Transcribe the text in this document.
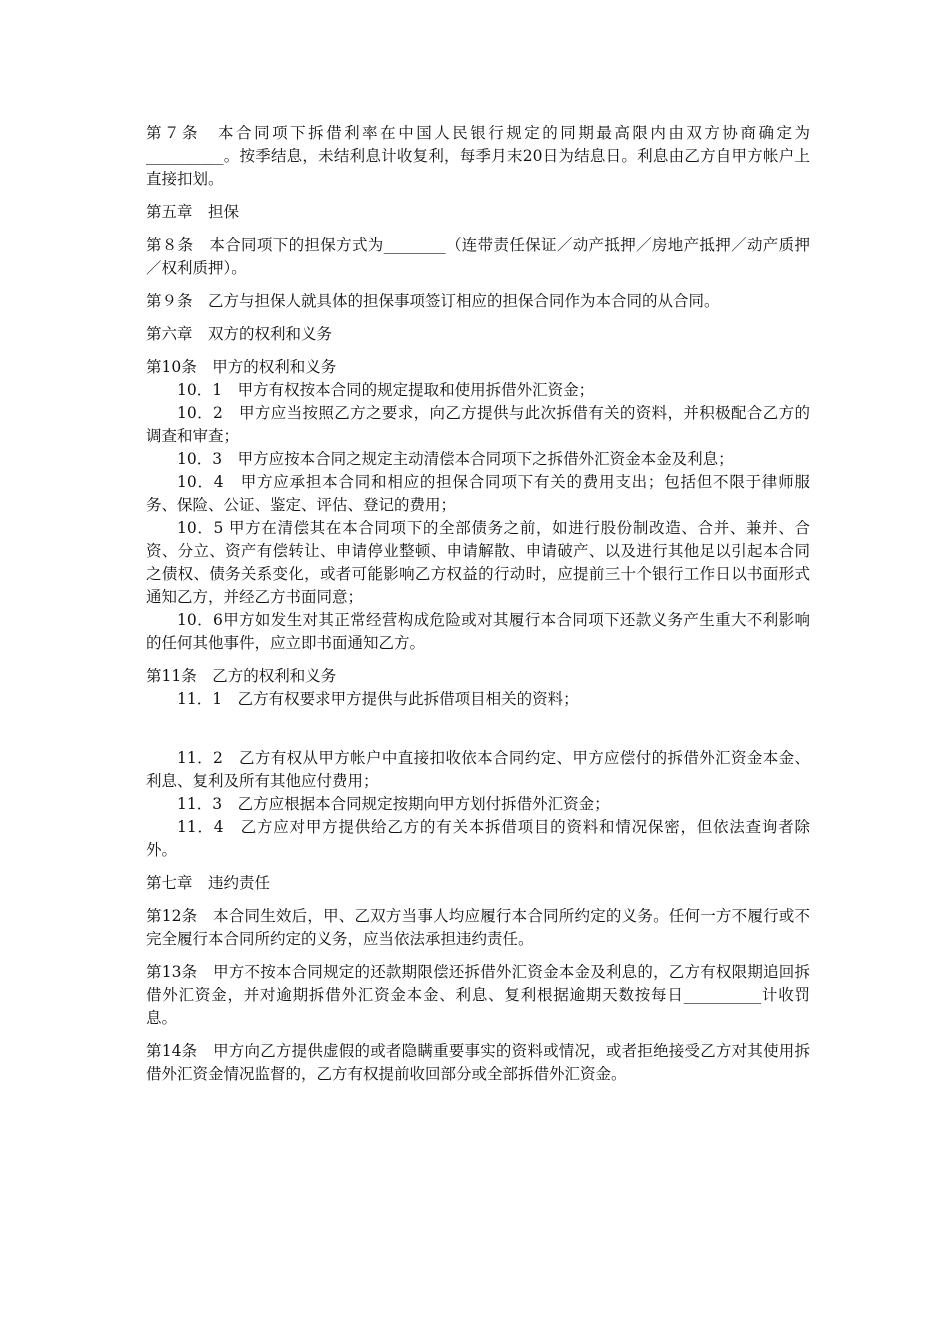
第７条　本合同项下拆借利率在中国人民银行规定的同期最高限内由双方协商确定为__________。按季结息，未结利息计收复利，每季月末20日为结息日。利息由乙方自甲方帐户上直接扣划。

第五章　担保

第８条　本合同项下的担保方式为________（连带责任保证／动产抵押／房地产抵押／动产质押／权利质押）。

第９条　乙方与担保人就具体的担保事项签订相应的担保合同作为本合同的从合同。

第六章　双方的权利和义务

第10条　甲方的权利和义务

10．1　甲方有权按本合同的规定提取和使用拆借外汇资金；

10．2　甲方应当按照乙方之要求，向乙方提供与此次拆借有关的资料，并积极配合乙方的调查和审查；

10．3　甲方应按本合同之规定主动清偿本合同项下之拆借外汇资金本金及利息；

10．4　甲方应承担本合同和相应的担保合同项下有关的费用支出；包括但不限于律师服务、保险、公证、鉴定、评估、登记的费用；

10．5 甲方在清偿其在本合同项下的全部债务之前，如进行股份制改造、合并、兼并、合资、分立、资产有偿转让、申请停业整顿、申请解散、申请破产、以及进行其他足以引起本合同之债权、债务关系变化，或者可能影响乙方权益的行动时，应提前三十个银行工作日以书面形式通知乙方，并经乙方书面同意；

10．6甲方如发生对其正常经营构成危险或对其履行本合同项下还款义务产生重大不利影响的任何其他事件，应立即书面通知乙方。

第11条　乙方的权利和义务

11．1　乙方有权要求甲方提供与此拆借项目相关的资料；

11．2　乙方有权从甲方帐户中直接扣收依本合同约定、甲方应偿付的拆借外汇资金本金、利息、复利及所有其他应付费用；

11．3　乙方应根据本合同规定按期向甲方划付拆借外汇资金；

11．4　乙方应对甲方提供给乙方的有关本拆借项目的资料和情况保密，但依法查询者除外。

第七章　违约责任

第12条　本合同生效后，甲、乙双方当事人均应履行本合同所约定的义务。任何一方不履行或不完全履行本合同所约定的义务，应当依法承担违约责任。

第13条　甲方不按本合同规定的还款期限偿还拆借外汇资金本金及利息的，乙方有权限期追回拆借外汇资金，并对逾期拆借外汇资金本金、利息、复利根据逾期天数按每日__________计收罚息。

第14条　甲方向乙方提供虚假的或者隐瞒重要事实的资料或情况，或者拒绝接受乙方对其使用拆借外汇资金情况监督的，乙方有权提前收回部分或全部拆借外汇资金。
